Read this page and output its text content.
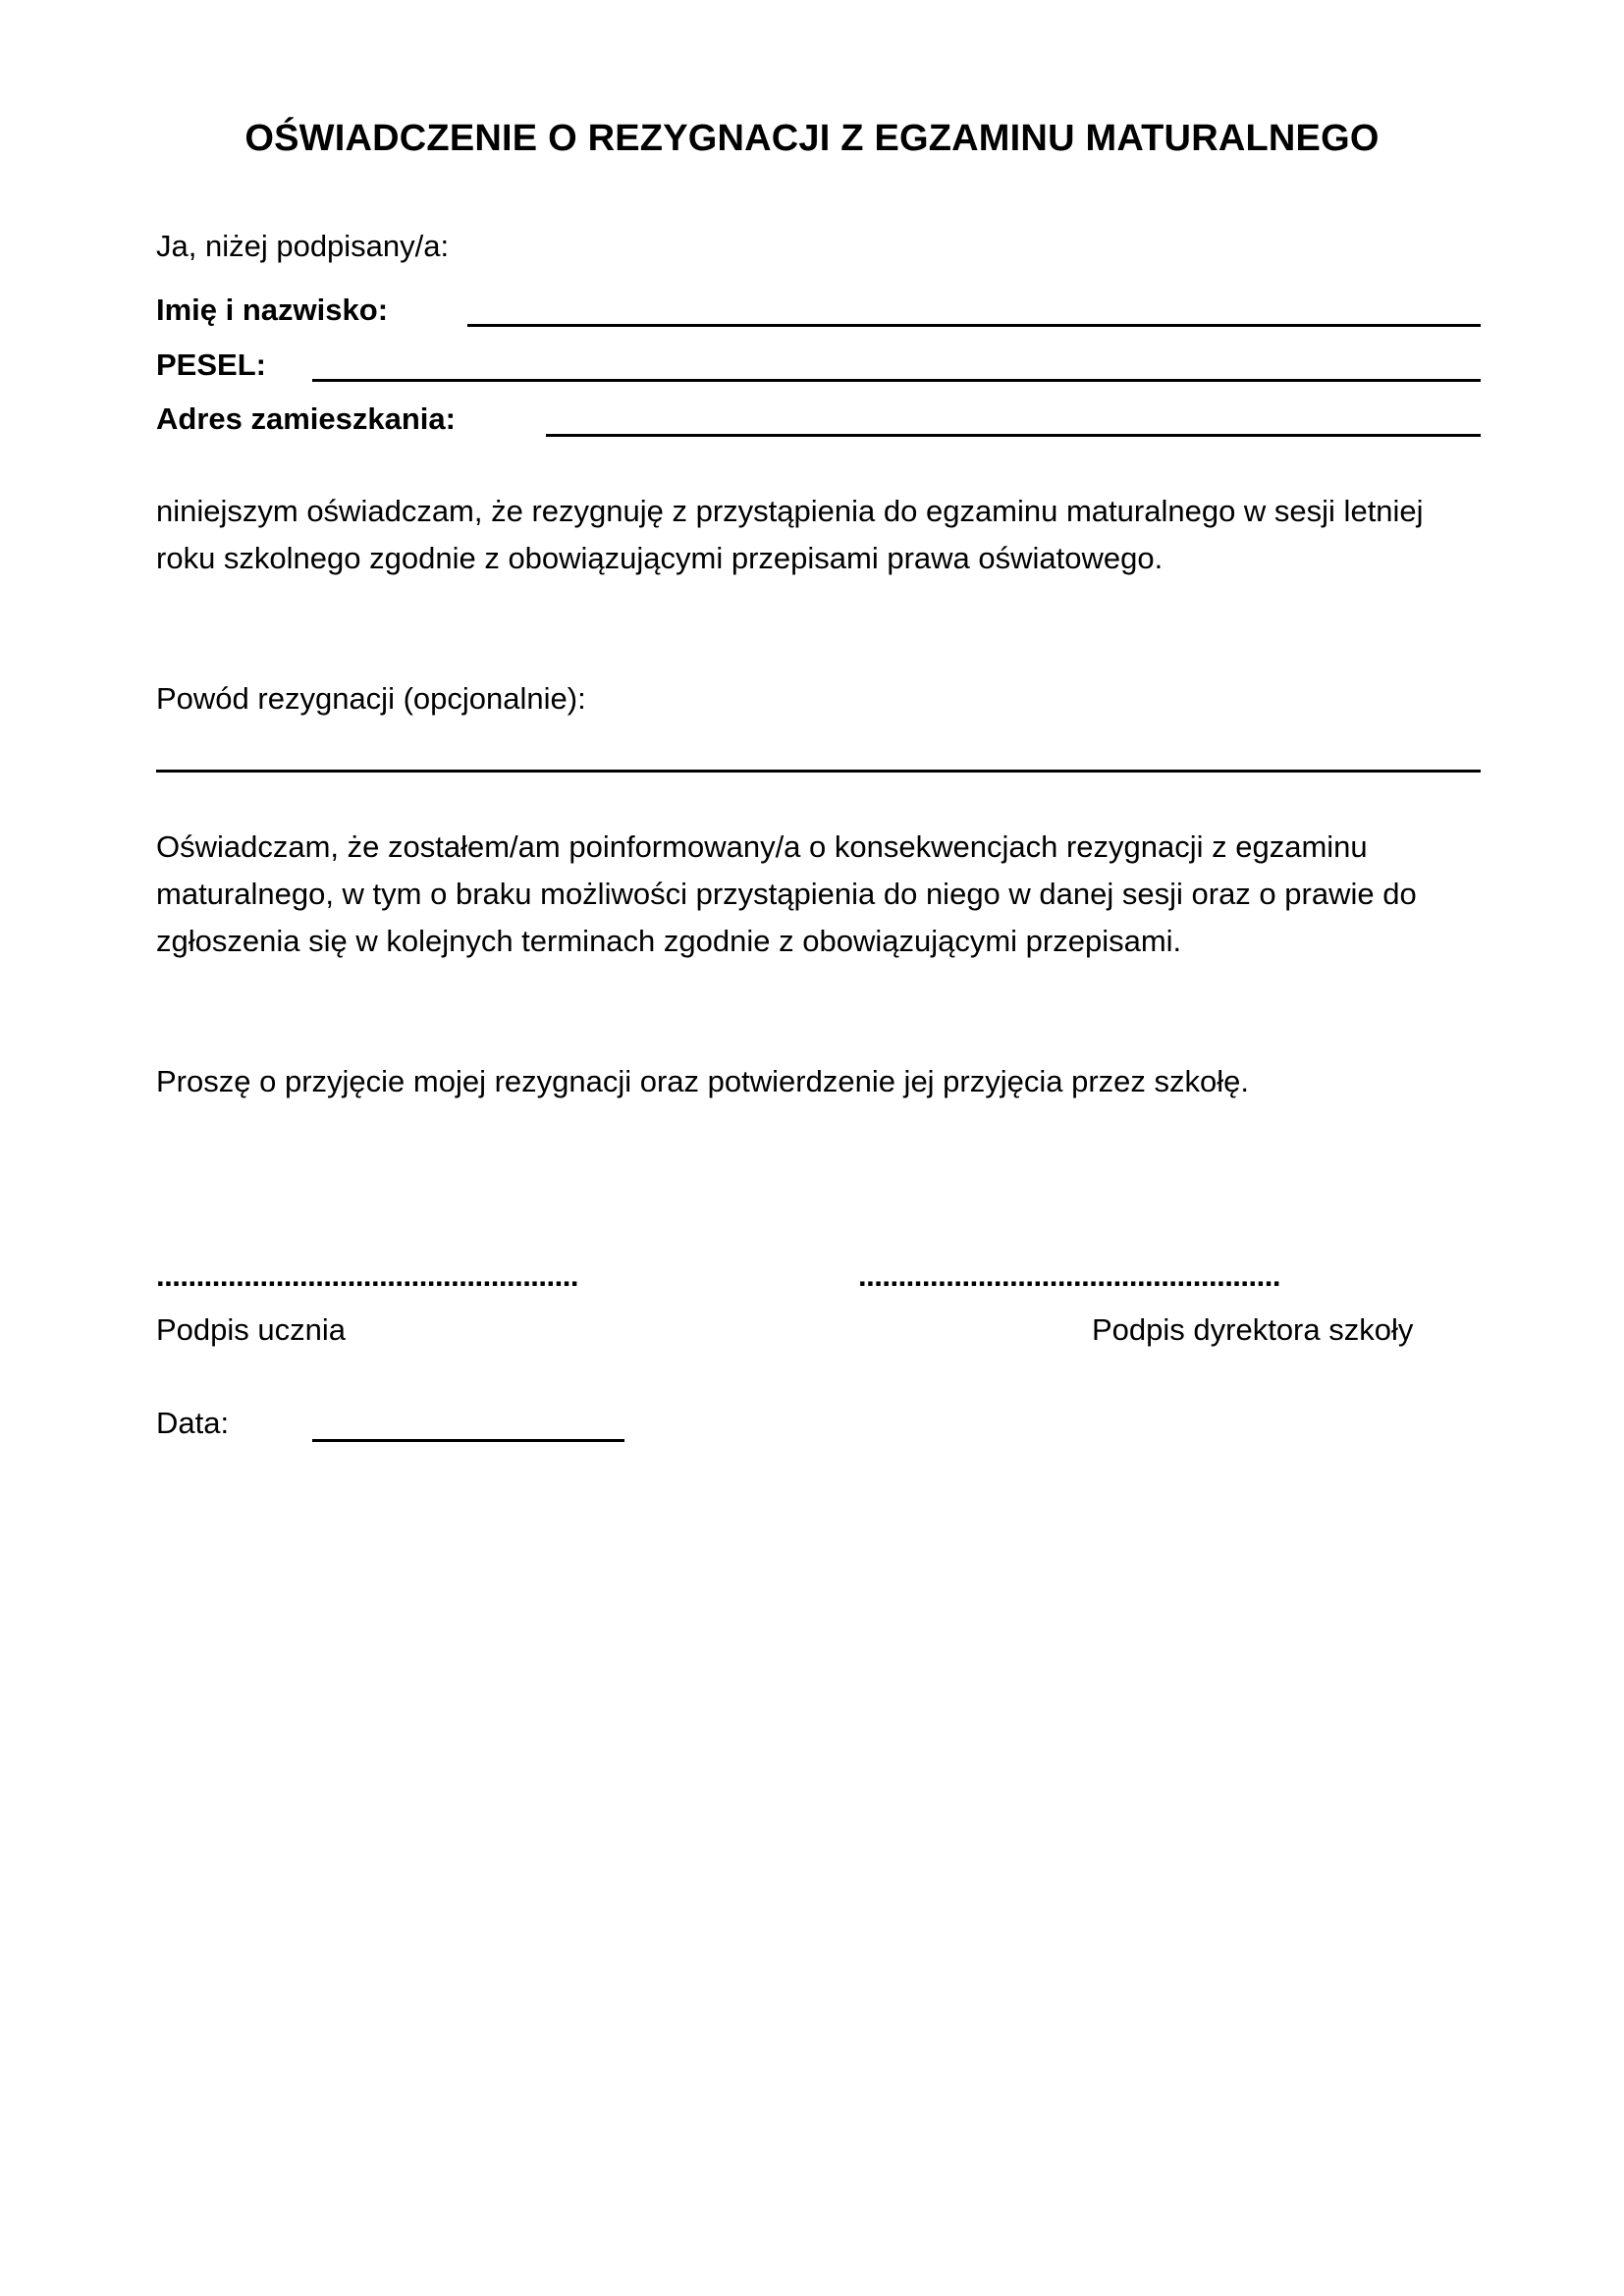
OŚWIADCZENIE O REZYGNACJI Z EGZAMINU MATURALNEGO
Ja, niżej podpisany/a:
Imię i nazwisko:
PESEL:
Adres zamieszkania:
niniejszym oświadczam, że rezygnuję z przystąpienia do egzaminu maturalnego w sesji letniej
roku szkolnego zgodnie z obowiązującymi przepisami prawa oświatowego.
Powód rezygnacji (opcjonalnie):
Oświadczam, że zostałem/am poinformowany/a o konsekwencjach rezygnacji z egzaminu
maturalnego, w tym o braku możliwości przystąpienia do niego w danej sesji oraz o prawie do
zgłoszenia się w kolejnych terminach zgodnie z obowiązującymi przepisami.
Proszę o przyjęcie mojej rezygnacji oraz potwierdzenie jej przyjęcia przez szkołę.
.....................................................	.....................................................
Podpis ucznia	Podpis dyrektora szkoły
Data:
